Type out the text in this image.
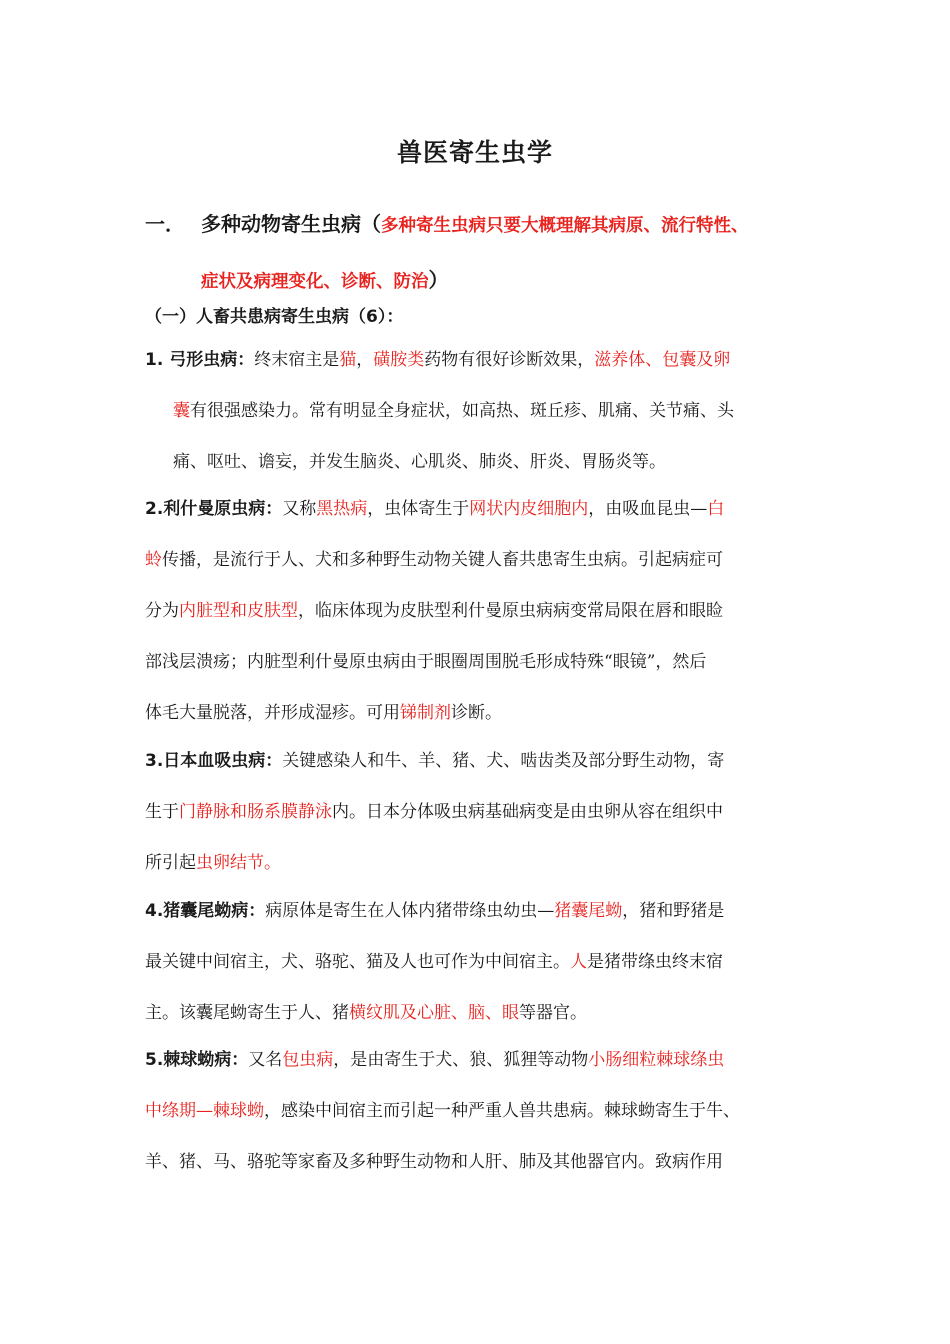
兽医寄生虫学
一． 多种动物寄生虫病（多种寄生虫病只要大概理解其病原、流行特性、
症状及病理变化、诊断、防治）
（一）人畜共患病寄生虫病（6）：
1. 弓形虫病：终末宿主是猫，磺胺类药物有很好诊断效果，滋养体、包囊及卵
囊有很强感染力。常有明显全身症状，如高热、斑丘疹、肌痛、关节痛、头
痛、呕吐、谵妄，并发生脑炎、心肌炎、肺炎、肝炎、胃肠炎等。
2.利什曼原虫病：又称黑热病，虫体寄生于网状内皮细胞内，由吸血昆虫—白
蛉传播，是流行于人、犬和多种野生动物关键人畜共患寄生虫病。引起病症可
分为内脏型和皮肤型，临床体现为皮肤型利什曼原虫病病变常局限在唇和眼睑
部浅层溃疡；内脏型利什曼原虫病由于眼圈周围脱毛形成特殊“眼镜”，然后
体毛大量脱落，并形成湿疹。可用锑制剂诊断。
3.日本血吸虫病：关键感染人和牛、羊、猪、犬、啮齿类及部分野生动物，寄
生于门静脉和肠系膜静泳内。日本分体吸虫病基础病变是由虫卵从容在组织中
所引起虫卵结节。
4.猪囊尾蚴病：病原体是寄生在人体内猪带绦虫幼虫—猪囊尾蚴，猪和野猪是
最关键中间宿主，犬、骆驼、猫及人也可作为中间宿主。人是猪带绦虫终末宿
主。该囊尾蚴寄生于人、猪横纹肌及心脏、脑、眼等器官。
5.棘球蚴病：又名包虫病，是由寄生于犬、狼、狐狸等动物小肠细粒棘球绦虫
中绦期—棘球蚴，感染中间宿主而引起一种严重人兽共患病。棘球蚴寄生于牛、
羊、猪、马、骆驼等家畜及多种野生动物和人肝、肺及其他器官内。致病作用
